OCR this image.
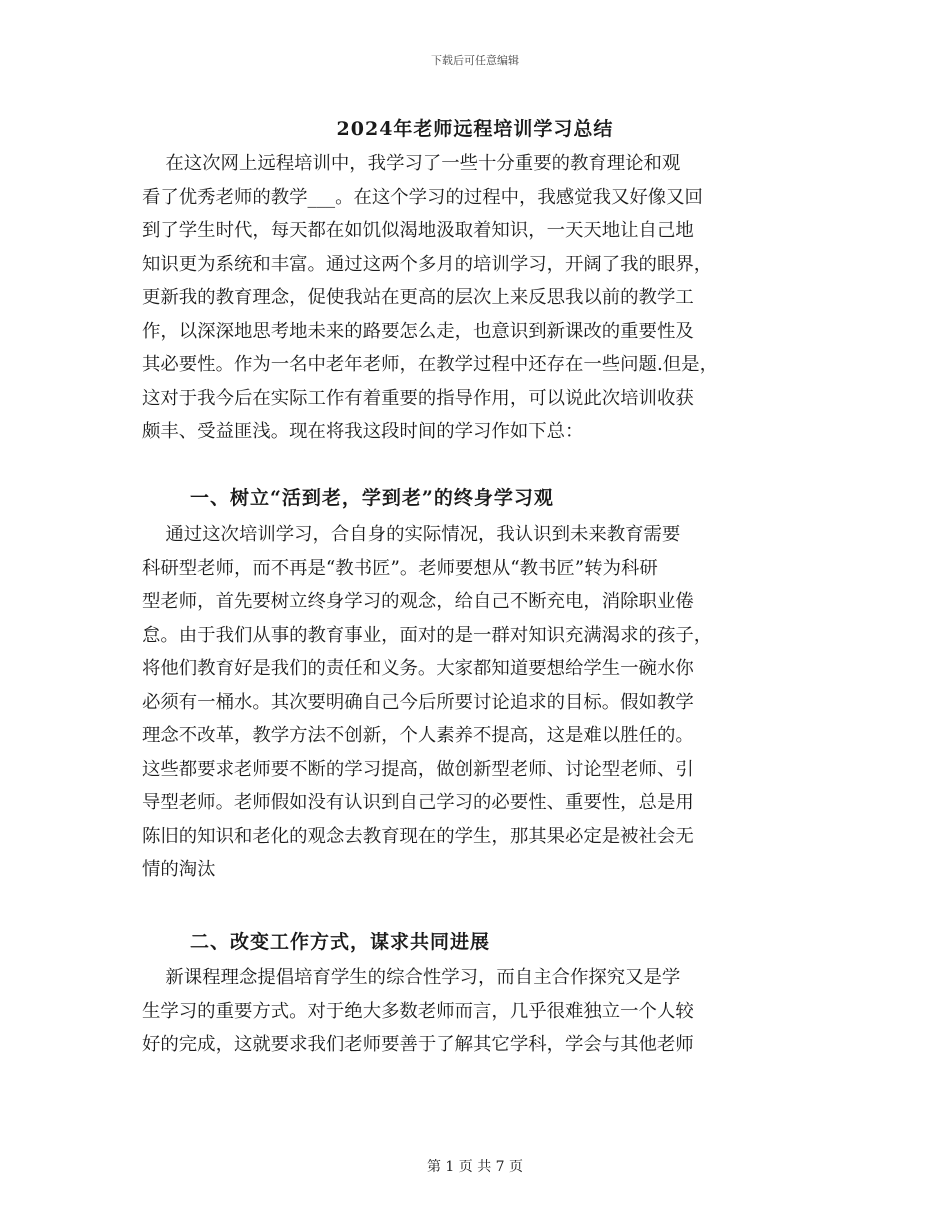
下载后可任意编辑
2024年老师远程培训学习总结
在这次网上远程培训中，我学习了一些十分重要的教育理论和观
看了优秀老师的教学___。在这个学习的过程中，我感觉我又好像又回
到了学生时代，每天都在如饥似渴地汲取着知识，一天天地让自己地
知识更为系统和丰富。通过这两个多月的培训学习，开阔了我的眼界，
更新我的教育理念，促使我站在更高的层次上来反思我以前的教学工
作，以深深地思考地未来的路要怎么走，也意识到新课改的重要性及
其必要性。作为一名中老年老师，在教学过程中还存在一些问题.但是，
这对于我今后在实际工作有着重要的指导作用，可以说此次培训收获
颇丰、受益匪浅。现在将我这段时间的学习作如下总：
一、树立“活到老，学到老”的终身学习观
通过这次培训学习，合自身的实际情况，我认识到未来教育需要
科研型老师，而不再是“教书匠”。老师要想从“教书匠”转为科研
型老师，首先要树立终身学习的观念，给自己不断充电，消除职业倦
怠。由于我们从事的教育事业，面对的是一群对知识充满渴求的孩子，
将他们教育好是我们的责任和义务。大家都知道要想给学生一碗水你
必须有一桶水。其次要明确自己今后所要讨论追求的目标。假如教学
理念不改革，教学方法不创新，个人素养不提高，这是难以胜任的。
这些都要求老师要不断的学习提高，做创新型老师、讨论型老师、引
导型老师。老师假如没有认识到自己学习的必要性、重要性，总是用
陈旧的知识和老化的观念去教育现在的学生，那其果必定是被社会无
情的淘汰
二、改变工作方式，谋求共同进展
新课程理念提倡培育学生的综合性学习，而自主合作探究又是学
生学习的重要方式。对于绝大多数老师而言，几乎很难独立一个人较
好的完成，这就要求我们老师要善于了解其它学科，学会与其他老师
第 1 页 共 7 页
